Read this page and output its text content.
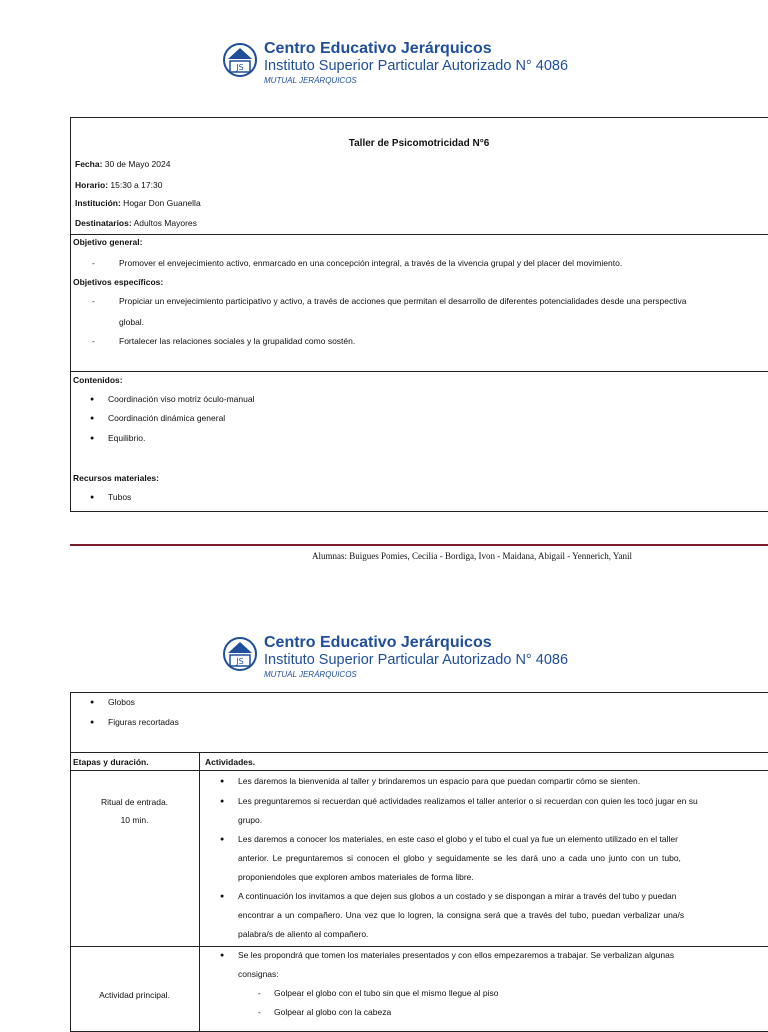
JS
Centro Educativo Jerárquicos
Instituto Superior Particular Autorizado N° 4086
MUTUAL JERÁRQUICOS
Taller de Psicomotricidad N°6
Fecha: 30 de Mayo 2024
Horario: 15:30 a 17:30
Institución: Hogar Don Guanella
Destinatarios: Adultos Mayores
Objetivo general:
- Promover el envejecimiento activo, enmarcado en una concepción integral, a través de la vivencia grupal y del placer del movimiento.
Objetivos específicos:
- Propiciar un envejecimiento participativo y activo, a través de acciones que permitan el desarrollo de diferentes potencialidades desde una perspectiva
global.
- Fortalecer las relaciones sociales y la grupalidad como sostén.
Contenidos:
● Coordinación viso motriz óculo-manual
● Coordinación dinámica general
● Equilibrio.
Recursos materiales:
● Tubos
Alumnas: Buigues Pomies, Cecilia - Bordiga, Ivon - Maidana, Abigail - Yennerich, Yanil
JS
Centro Educativo Jerárquicos
Instituto Superior Particular Autorizado N° 4086
MUTUAL JERÁRQUICOS
● Globos
● Figuras recortadas
Etapas y duración.	Actividades.
Ritual de entrada.
10 min.
● Les daremos la bienvenida al taller y brindaremos un espacio para que puedan compartir cómo se sienten.
● Les preguntaremos si recuerdan qué actividades realizamos el taller anterior o si recuerdan con quien les tocó jugar en su
grupo.
● Les daremos a conocer los materiales, en este caso el globo y el tubo el cual ya fue un elemento utilizado en el taller
anterior. Le preguntaremos si conocen el globo y seguidamente se les dará uno a cada uno junto con un tubo,
proponiendoles que exploren ambos materiales de forma libre.
● A continuación los invitamos a que dejen sus globos a un costado y se dispongan a mirar a través del tubo y puedan
encontrar a un compañero. Una vez que lo logren, la consigna será que a través del tubo, puedan verbalizar una/s
palabra/s de aliento al compañero.
Actividad principal.
● Se les propondrá que tomen los materiales presentados y con ellos empezaremos a trabajar. Se verbalizan algunas
consignas:
- Golpear el globo con el tubo sin que el mismo llegue al piso
- Golpear al globo con la cabeza
